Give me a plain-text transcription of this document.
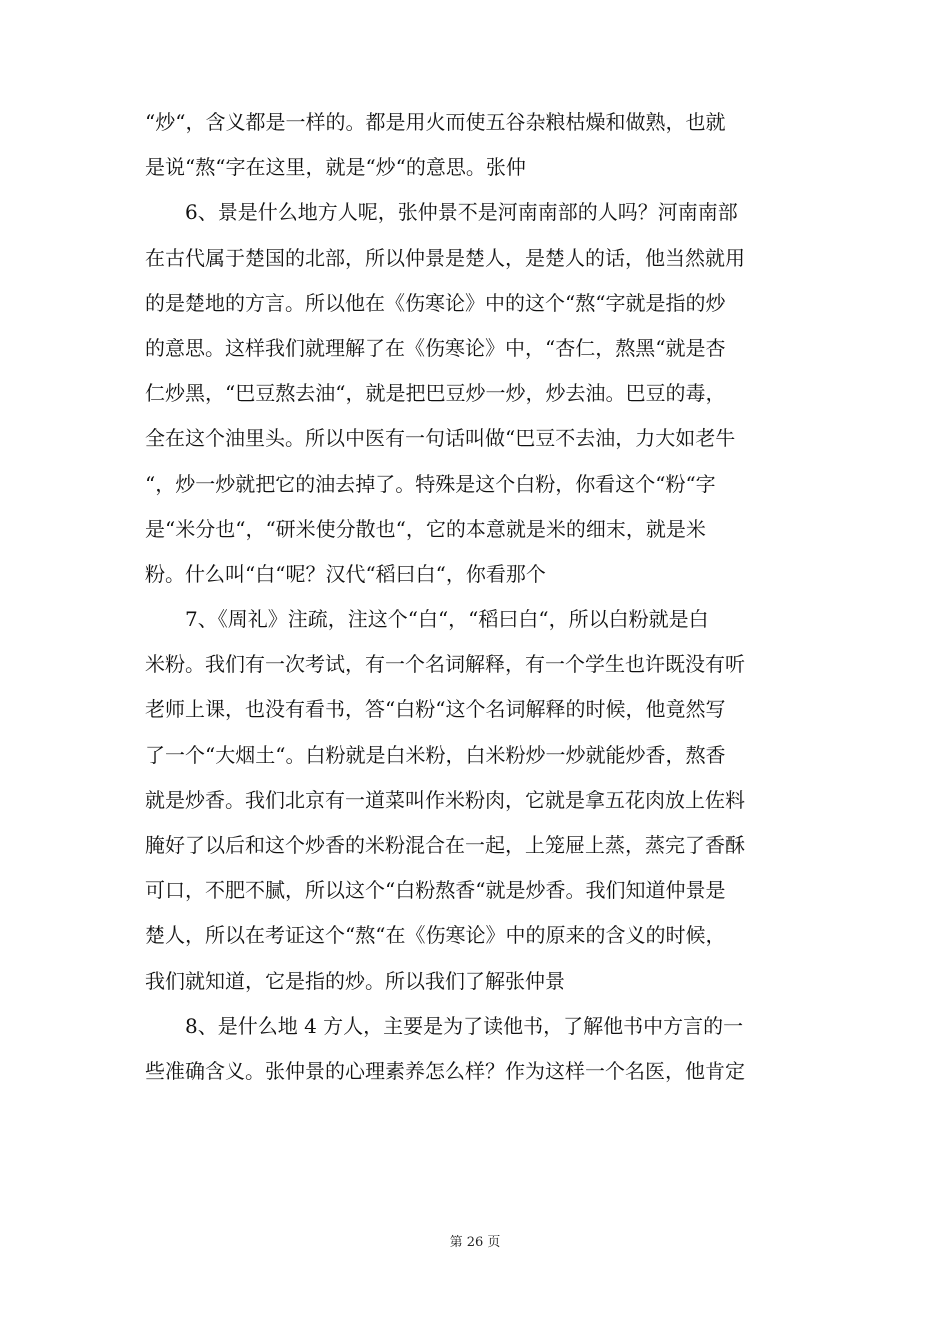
“炒“，含义都是一样的。都是用火而使五谷杂粮枯燥和做熟，也就
是说“熬“字在这里，就是“炒“的意思。张仲
6、景是什么地方人呢，张仲景不是河南南部的人吗？河南南部
在古代属于楚国的北部，所以仲景是楚人，是楚人的话，他当然就用
的是楚地的方言。所以他在《伤寒论》中的这个“熬“字就是指的炒
的意思。这样我们就理解了在《伤寒论》中，“杏仁，熬黑“就是杏
仁炒黑，“巴豆熬去油“，就是把巴豆炒一炒，炒去油。巴豆的毒，
全在这个油里头。所以中医有一句话叫做“巴豆不去油，力大如老牛
“，炒一炒就把它的油去掉了。特殊是这个白粉，你看这个“粉“字
是“米分也“，“研米使分散也“，它的本意就是米的细末，就是米
粉。什么叫“白“呢？汉代“稻曰白“，你看那个
7、《周礼》注疏，注这个“白“，“稻曰白“，所以白粉就是白
米粉。我们有一次考试，有一个名词解释，有一个学生也许既没有听
老师上课，也没有看书，答“白粉“这个名词解释的时候，他竟然写
了一个“大烟土“。白粉就是白米粉，白米粉炒一炒就能炒香，熬香
就是炒香。我们北京有一道菜叫作米粉肉，它就是拿五花肉放上佐料
腌好了以后和这个炒香的米粉混合在一起，上笼屉上蒸，蒸完了香酥
可口，不肥不腻，所以这个“白粉熬香“就是炒香。我们知道仲景是
楚人，所以在考证这个“熬“在《伤寒论》中的原来的含义的时候，
我们就知道，它是指的炒。所以我们了解张仲景
8、是什么地 4 方人，主要是为了读他书，了解他书中方言的一
些准确含义。张仲景的心理素养怎么样？作为这样一个名医，他肯定
第 26 页
